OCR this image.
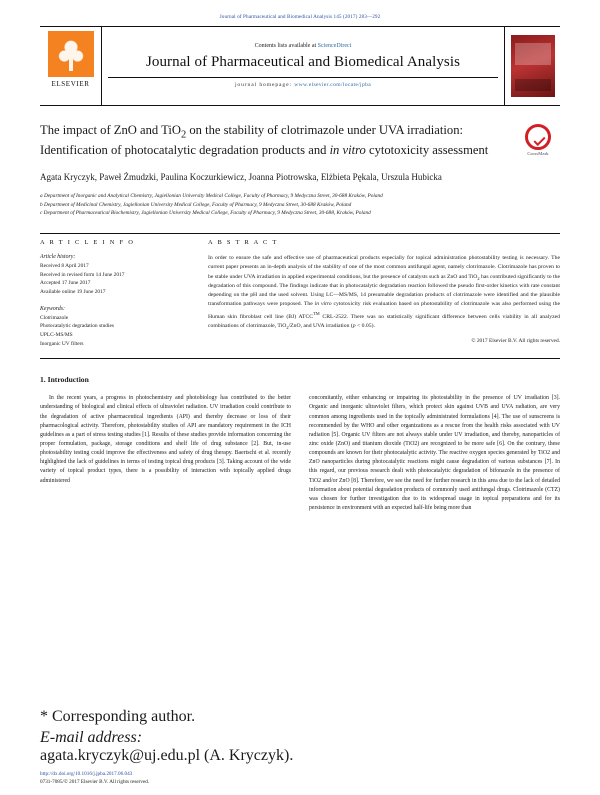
Journal of Pharmaceutical and Biomedical Analysis 145 (2017) 283—292
ELSEVIER
Contents lists available at ScienceDirect
Journal of Pharmaceutical and Biomedical Analysis
journal homepage: www.elsevier.com/locate/jpba
The impact of ZnO and TiO$_2$ on the stability of clotrimazole under UVA irradiation: Identification of photocatalytic degradation products and in vitro cytotoxicity assessment	CrossMark
Agata Kryczyk, Paweł Żmudzki, Paulina Koczurkiewicz, Joanna Piotrowska, Elżbieta Pękala, Urszula Hubicka
a Department of Inorganic and Analytical Chemistry, Jagiellonian University Medical College, Faculty of Pharmacy, 9 Medyczna Street, 30-688 Kraków, Poland
b Department of Medicinal Chemistry, Jagiellonian University Medical College, Faculty of Pharmacy, 9 Medyczna Street, 30-688 Kraków, Poland
c Department of Pharmaceutical Biochemistry, Jagiellonian University Medical College, Faculty of Pharmacy, 9 Medyczna Street, 30-688, Kraków, Poland
A R T I C L E I N F O
Article history:
Received 8 April 2017
Received in revised form 14 June 2017
Accepted 17 June 2017
Available online 19 June 2017
Keywords:
Clotrimazole
Photocatalytic degradation studies
UPLC-MS/MS
Inorganic UV filters
A B S T R A C T
In order to ensure the safe and effective use of pharmaceutical products especially for topical administration photostability testing is necessary. The current paper presents an in-depth analysis of the stability of one of the most common antifungal agent, namely clotrimazole. Clotrimazole has proven to be stable under UVA irradiation in applied experimental conditions, but the presence of catalysts such as ZnO and TiO$_2$ has contributed significantly to the degradation of this compound. The findings indicate that in photocatalytic degradation reaction followed the pseudo first-order kinetics with rate constant depending on the pH and the used solvent. Using LC—MS/MS, 14 presumable degradation products of clotrimazole were identified and the plausible transformation pathways were proposed. The in vitro cytotoxicity risk evaluation based on photostability of clotrimazole was also performed using the Human skin fibroblast cell line (BJ) ATCC™ CRL-2522. There was no statistically significant difference between cells viability in all analyzed combinations of clotrimazole, TiO$_2$/ZnO, and UVA irradiation (p < 0.05).
© 2017 Elsevier B.V. All rights reserved.
1. Introduction

In the recent years, a progress in photochemistry and photobiology has contributed to the better understanding of biological and clinical effects of ultraviolet radiation. UV irradiation could contribute to the degradation of active pharmaceutical ingredients (API) and thereby decrease or loss of their pharmacological activity. Therefore, photostability studies of API are mandatory requirement in the ICH guidelines as a part of stress testing studies [1]. Results of these studies provide information concerning the proper formulation, package, storage conditions and shelf life of drug substance [2]. But, in-use photostability testing could improve the effectiveness and safety of drug therapy. Baertschi et al. recently highlighted the lack of guidelines in terms of testing topical drug products [3]. Taking account of the wide variety of topical product types, there is a possibility of interaction with topically applied drugs administered

concomitantly, either enhancing or impairing its photostability in the presence of UV irradiation [3]. Organic and inorganic ultraviolet filters, which protect skin against UVB and UVA radiation, are very common among ingredients used in the topically administrated formulations [4]. The use of sunscreens is recommended by the WHO and other organizations as a rescue from the health risks associated with UV radiation [5]. Organic UV filters are not always stable under UV irradiation, and thereby, nanoparticles of zinc oxide (ZnO) and titanium dioxide (TiO2) are recognized to be more safe [6]. On the contrary, these compounds are known for their photocatalytic activity. The reactive oxygen species generated by TiO2 and ZnO nanoparticles during photocatalytic reactions might cause degradation of various substances [7]. In this regard, our previous research dealt with photocatalytic degradation of bifonazole in the presence of TiO2 and/or ZnO [8]. Therefore, we see the need for further research in this area due to the lack of detailed information about potential degradation products of commonly used antifungal drugs. Clotrimazole (CTZ) was chosen for further investigation due to its widespread usage in topical preparations and for its persistence in environment with an expected half-life being more than

* Corresponding author.
E-mail address: agata.kryczyk@uj.edu.pl (A. Kryczyk).
http://dx.doi.org/10.1016/j.jpba.2017.06.043
0731-7085/© 2017 Elsevier B.V. All rights reserved.
